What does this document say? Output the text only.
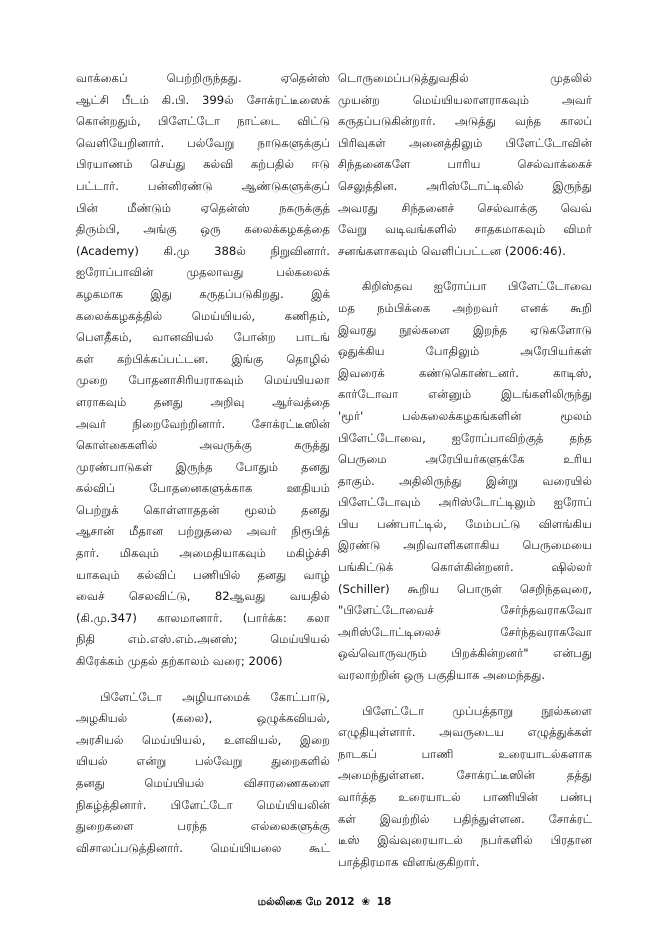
வாக்கைப் பெற்றிருந்தது. ஏதென்ஸ்
ஆட்சி பீடம் கி.பி. 399ல் சோக்ரட்டீஸைக்
கொன்றதும், பிளேட்டோ நாட்டை விட்டு
வெளியேறினார். பல்வேறு நாடுகளுக்குப்
பிரயாணம் செய்து கல்வி கற்பதில் ஈடு
பட்டார். பன்னிரண்டு ஆண்டுகளுக்குப்
பின் மீண்டும் ஏதென்ஸ் நகருக்குத்
திரும்பி, அங்கு ஒரு கலைக்கழகத்தை
(Academy) கி.மு 388ல் நிறுவினார்.
ஐரோப்பாவின் முதலாவது பல்கலைக்
கழகமாக இது கருதப்படுகிறது. இக்
கலைக்கழகத்தில் மெய்யியல், கணிதம்,
பௌதீகம், வானவியல் போன்ற பாடங்
கள் கற்பிக்கப்பட்டன. இங்கு தொழில்
முறை போதனாசிரியராகவும் மெய்யியலா
ளராகவும் தனது அறிவு ஆர்வத்தை
அவர் நிறைவேற்றினார். சோக்ரட்டீஸின்
கொள்கைகளில் அவருக்கு கருத்து
முரண்பாடுகள் இருந்த போதும் தனது
கல்விப் போதனைகளுக்காக ஊதியம்
பெற்றுக் கொள்ளாததன் மூலம் தனது
ஆசான் மீதான பற்றுதலை அவர் நிரூபித்
தார். மிகவும் அமைதியாகவும் மகிழ்ச்சி
யாகவும் கல்விப் பணியில் தனது வாழ்
வைச் செலவிட்டு, 82ஆவது வயதில்
(கி.மு.347) காலமானார். (பார்க்க: கலா
நிதி எம்.எஸ்.எம்.அனஸ்; மெய்யியல்
கிரேக்கம் முதல் தற்காலம் வரை; 2006)
பிளேட்டோ அழியாமைக் கோட்பாடு,
அழகியல் (கலை), ஒழுக்கவியல்,
அரசியல் மெய்யியல், உளவியல், இறை
யியல் என்று பல்வேறு துறைகளில்
தனது மெய்யியல் விசாரணைகளை
நிகழ்த்தினார். பிளேட்டோ மெய்யியலின்
துறைகளை பரந்த எல்லைகளுக்கு
விசாலப்படுத்தினார். மெய்யியலை கூட்
டொருமைப்படுத்துவதில் முதலில்
முயன்ற மெய்யியலாளராகவும் அவர்
கருதப்படுகின்றார். அடுத்து வந்த காலப்
பிரிவுகள் அனைத்திலும் பிளேட்டோவின்
சிந்தனைகளே பாரிய செல்வாக்கைச்
செலுத்தின. அரிஸ்டோட்டிலில் இருந்து
அவரது சிந்தனைச் செல்வாக்கு வெவ்
வேறு வடிவங்களில் சாதகமாகவும் விமர்
சனங்களாகவும் வெளிப்பட்டன (2006:46).
கிறிஸ்தவ ஐரோப்பா பிளேட்டோவை
மத நம்பிக்கை அற்றவர் எனக் கூறி
இவரது நூல்களை இறந்த ஏடுகளோடு
ஒதுக்கிய போதிலும் அரேபியர்கள்
இவரைக் கண்டுகொண்டனர். காடிஸ்,
கார்டோவா என்னும் இடங்களிலிருந்து
'மூர்' பல்கலைக்கழகங்களின் மூலம்
பிளேட்டோவை, ஐரோப்பாவிற்குத் தந்த
பெருமை அரேபியர்களுக்கே உரிய
தாகும். அதிலிருந்து இன்று வரையில்
பிளேட்டோவும் அரிஸ்டோட்டிலும் ஐரோப்
பிய பண்பாட்டில், மேம்பட்டு விளங்கிய
இரண்டு அறிவாளிகளாகிய பெருமையை
பங்கிட்டுக் கொள்கின்றனர். ஷில்லர்
(Schiller) கூறிய பொருள் செறிந்தவுரை,
"பிளேட்டோவைச் சேர்ந்தவராகவோ
அரிஸ்டோட்டிலைச் சேர்ந்தவராகவோ
ஒவ்வொருவரும் பிறக்கின்றனர்" என்பது
வரலாற்றின் ஒரு பகுதியாக அமைந்தது.
பிளேட்டோ முப்பத்தாறு நூல்களை
எழுதியுள்ளார். அவருடைய எழுத்துக்கள்
நாடகப் பாணி உரையாடல்களாக
அமைந்துள்ளன. சோக்ரட்டீஸின் தத்து
வார்த்த உரையாடல் பாணியின் பண்பு
கள் இவற்றில் பதிந்துள்ளன. சோக்ரட்
டீஸ் இவ்வுரையாடல் நபர்களில் பிரதான
பாத்திரமாக விளங்குகிறார்.
மல்லிகை மே 2012 ❀ 18
